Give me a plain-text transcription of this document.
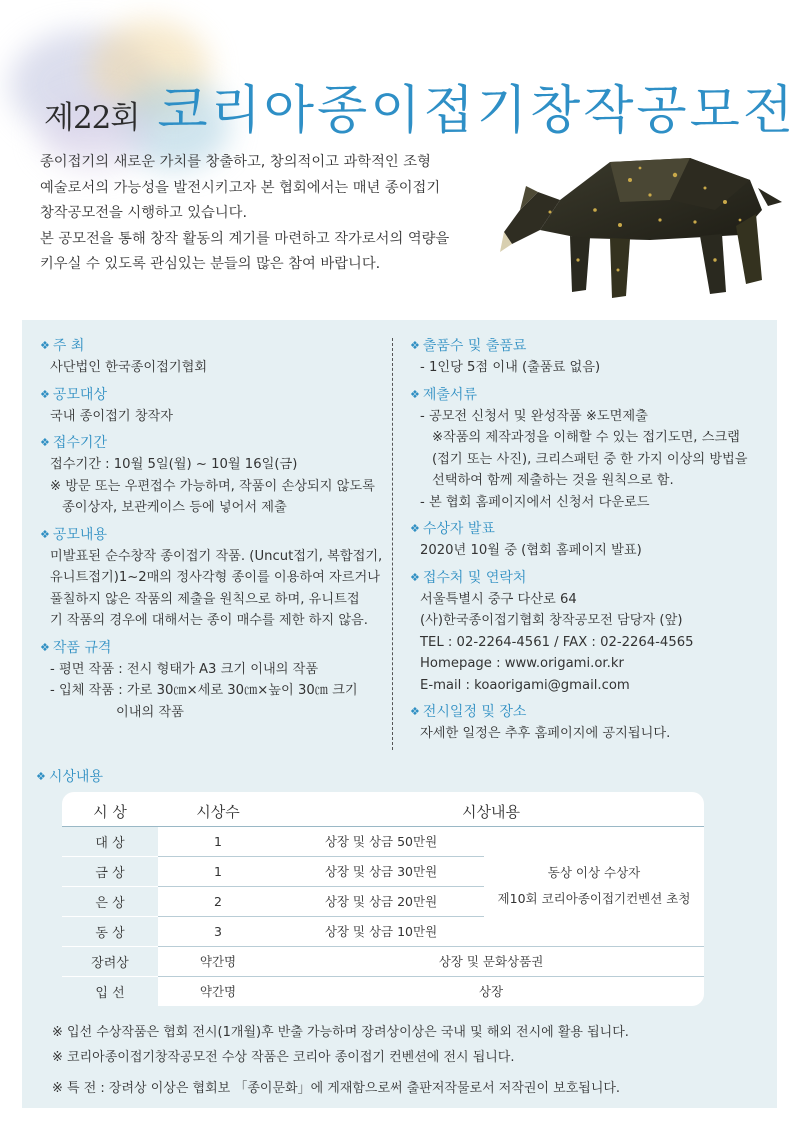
제22회 코리아종이접기창작공모전
종이접기의 새로운 가치를 창출하고, 창의적이고 과학적인 조형
예술로서의 가능성을 발전시키고자 본 협회에서는 매년 종이접기
창작공모전을 시행하고 있습니다.
본 공모전을 통해 창작 활동의 계기를 마련하고 작가로서의 역량을
키우실 수 있도록 관심있는 분들의 많은 참여 바랍니다.
❖ 주 최
사단법인 한국종이접기협회
❖ 공모대상
국내 종이접기 창작자
❖ 접수기간
접수기간 : 10월 5일(월) ~ 10월 16일(금)
※ 방문 또는 우편접수 가능하며, 작품이 손상되지 않도록
종이상자, 보관케이스 등에 넣어서 제출
❖ 공모내용
미발표된 순수창작 종이접기 작품. (Uncut접기, 복합접기,
유니트접기)1~2매의 정사각형 종이를 이용하여 자르거나
풀칠하지 않은 작품의 제출을 원칙으로 하며, 유니트접
기 작품의 경우에 대해서는 종이 매수를 제한 하지 않음.
❖ 작품 규격
- 평면 작품 : 전시 형태가 A3 크기 이내의 작품
- 입체 작품 : 가로 30㎝×세로 30㎝×높이 30㎝ 크기
이내의 작품
❖ 출품수 및 출품료
- 1인당 5점 이내 (출품료 없음)
❖ 제출서류
- 공모전 신청서 및 완성작품 ※도면제출
※작품의 제작과정을 이해할 수 있는 접기도면, 스크랩
(접기 또는 사진), 크리스패턴 중 한 가지 이상의 방법을
선택하여 함께 제출하는 것을 원칙으로 함.
- 본 협회 홈페이지에서 신청서 다운로드
❖ 수상자 발표
2020년 10월 중 (협회 홈페이지 발표)
❖ 접수처 및 연락처
서울특별시 중구 다산로 64
(사)한국종이접기협회 창작공모전 담당자 (앞)
TEL : 02-2264-4561 / FAX : 02-2264-4565
Homepage : www.origami.or.kr
E-mail : koaorigami@gmail.com
❖ 전시일정 및 장소
자세한 일정은 추후 홈페이지에 공지됩니다.
❖ 시상내용
시 상	시상수	시상내용	
대 상	1	상장 및 상금 50만원	동상 이상 수상자
제10회 코리아종이접기컨벤션 초청

금 상	1	상장 및 상금 30만원	
은 상	2	상장 및 상금 20만원	
동 상	3	상장 및 상금 10만원	
장려상	약간명	상장 및 문화상품권	
입 선	약간명	상장	
※ 입선 수상작품은 협회 전시(1개월)후 반출 가능하며 장려상이상은 국내 및 해외 전시에 활용 됩니다.
※ 코리아종이접기창작공모전 수상 작품은 코리아 종이접기 컨벤션에 전시 됩니다.
※ 특 전 : 장려상 이상은 협회보 「종이문화」에 게재함으로써 출판저작물로서 저작권이 보호됩니다.
